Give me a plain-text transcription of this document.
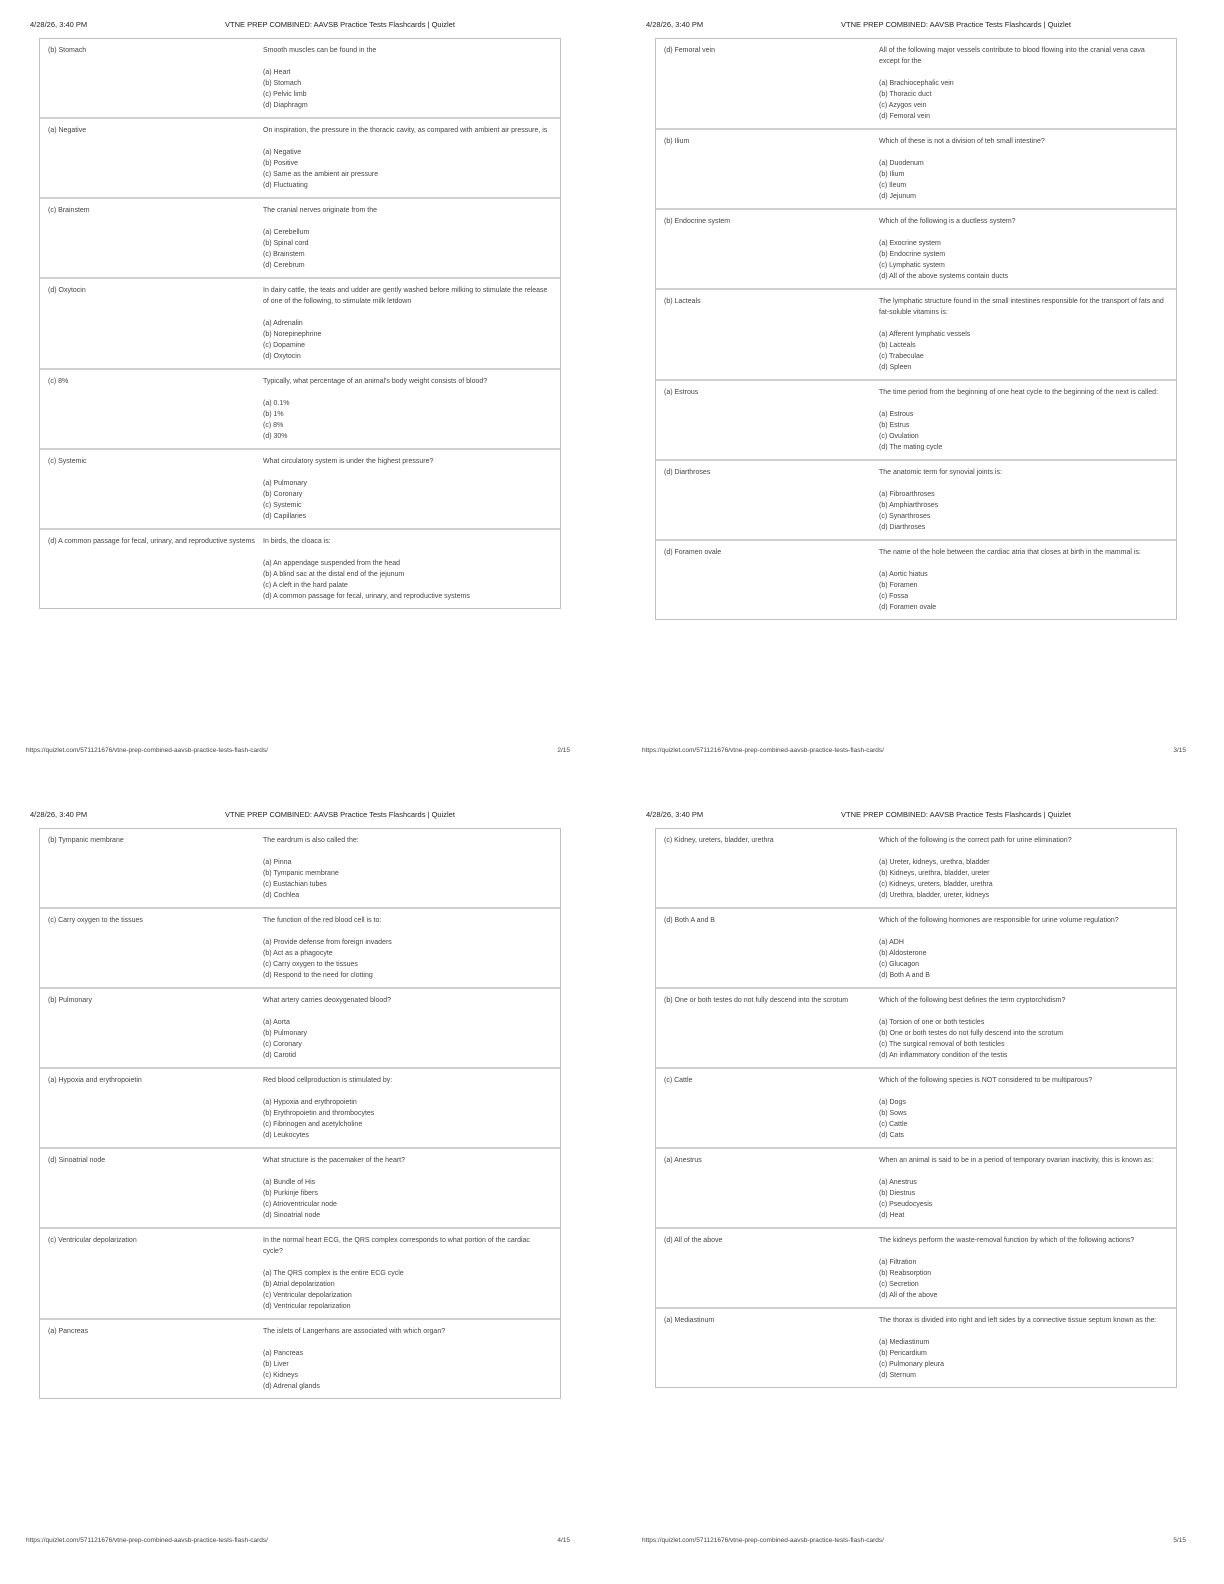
4/28/26, 3:40 PM	VTNE PREP COMBINED: AAVSB Practice Tests Flashcards | Quizlet
(b) Stomach	Smooth muscles can be found in the
(a) Heart
(b) Stomach
(c) Pelvic limb
(d) Diaphragm
(a) Negative	On inspiration, the pressure in the thoracic cavity, as compared with ambient air pressure, is
(a) Negative
(b) Positive
(c) Same as the ambient air pressure
(d) Fluctuating
(c) Brainstem	The cranial nerves originate from the
(a) Cerebellum
(b) Spinal cord
(c) Brainstem
(d) Cerebrum
(d) Oxytocin	In dairy cattle, the teats and udder are gently washed before milking to stimulate the release of one of the following, to stimulate milk letdown
(a) Adrenalin
(b) Norepinephrine
(c) Dopamine
(d) Oxytocin
(c) 8%	Typically, what percentage of an animal's body weight consists of blood?
(a) 0.1%
(b) 1%
(c) 8%
(d) 30%
(c) Systemic	What circulatory system is under the highest pressure?
(a) Pulmonary
(b) Coronary
(c) Systemic
(d) Capillaries
(d) A common passage for fecal, urinary, and reproductive systems	In birds, the cloaca is:
(a) An appendage suspended from the head
(b) A blind sac at the distal end of the jejunum
(c) A cleft in the hard palate
(d) A common passage for fecal, urinary, and reproductive systems
https://quizlet.com/571121676/vtne-prep-combined-aavsb-practice-tests-flash-cards/	2/15
4/28/26, 3:40 PM	VTNE PREP COMBINED: AAVSB Practice Tests Flashcards | Quizlet
(d) Femoral vein	All of the following major vessels contribute to blood flowing into the cranial vena cava except for the
(a) Brachiocephalic vein
(b) Thoracic duct
(c) Azygos vein
(d) Femoral vein
(b) Ilium	Which of these is not a division of teh small intestine?
(a) Duodenum
(b) Ilium
(c) Ileum
(d) Jejunum
(b) Endocrine system	Which of the following is a ductless system?
(a) Exocrine system
(b) Endocrine system
(c) Lymphatic system
(d) All of the above systems contain ducts
(b) Lacteals	The lymphatic structure found in the small intestines responsible for the transport of fats and fat-soluble vitamins is:
(a) Afferent lymphatic vessels
(b) Lacteals
(c) Trabeculae
(d) Spleen
(a) Estrous	The time period from the beginning of one heat cycle to the beginning of the next is called:
(a) Estrous
(b) Estrus
(c) Ovulation
(d) The mating cycle
(d) Diarthroses	The anatomic term for synovial joints is:
(a) Fibroarthroses
(b) Amphiarthroses
(c) Synarthroses
(d) Diarthroses
(d) Foramen ovale	The name of the hole between the cardiac atria that closes at birth in the mammal is:
(a) Aortic hiatus
(b) Foramen
(c) Fossa
(d) Foramen ovale
https://quizlet.com/571121676/vtne-prep-combined-aavsb-practice-tests-flash-cards/	3/15
4/28/26, 3:40 PM	VTNE PREP COMBINED: AAVSB Practice Tests Flashcards | Quizlet
(b) Tympanic membrane	The eardrum is also called the:
(a) Pinna
(b) Tympanic membrane
(c) Eustachian tubes
(d) Cochlea
(c) Carry oxygen to the tissues	The function of the red blood cell is to:
(a) Provide defense from foreign invaders
(b) Act as a phagocyte
(c) Carry oxygen to the tissues
(d) Respond to the need for clotting
(b) Pulmonary	What artery carries deoxygenated blood?
(a) Aorta
(b) Pulmonary
(c) Coronary
(d) Carotid
(a) Hypoxia and erythropoietin	Red blood cellproduction is stimulated by:
(a) Hypoxia and erythropoietin
(b) Erythropoietin and thrombocytes
(c) Fibrinogen and acetylcholine
(d) Leukocytes
(d) Sinoatrial node	What structure is the pacemaker of the heart?
(a) Bundle of His
(b) Purkinje fibers
(c) Atrioventricular node
(d) Sinoatrial node
(c) Ventricular depolarization	In the normal heart ECG, the QRS complex corresponds to what portion of the cardiac cycle?
(a) The QRS complex is the entire ECG cycle
(b) Atrial depolarization
(c) Ventricular depolarization
(d) Ventricular repolarization
(a) Pancreas	The islets of Langerhans are associated with which organ?
(a) Pancreas
(b) Liver
(c) Kidneys
(d) Adrenal glands
https://quizlet.com/571121676/vtne-prep-combined-aavsb-practice-tests-flash-cards/	4/15
4/28/26, 3:40 PM	VTNE PREP COMBINED: AAVSB Practice Tests Flashcards | Quizlet
(c) Kidney, ureters, bladder, urethra	Which of the following is the correct path for urine elimination?
(a) Ureter, kidneys, urethra, bladder
(b) Kidneys, urethra, bladder, ureter
(c) Kidneys, ureters, bladder, urethra
(d) Urethra, bladder, ureter, kidneys
(d) Both A and B	Which of the following hormones are responsible for urine volume regulation?
(a) ADH
(b) Aldosterone
(c) Glucagon
(d) Both A and B
(b) One or both testes do not fully descend into the scrotum	Which of the following best defines the term cryptorchidism?
(a) Torsion of one or both testicles
(b) One or both testes do not fully descend into the scrotum
(c) The surgical removal of both testicles
(d) An inflammatory condition of the testis
(c) Cattle	Which of the following species is NOT considered to be multiparous?
(a) Dogs
(b) Sows
(c) Cattle
(d) Cats
(a) Anestrus	When an animal is said to be in a period of temporary ovarian inactivity, this is known as:
(a) Anestrus
(b) Diestrus
(c) Pseudocyesis
(d) Heat
(d) All of the above	The kidneys perform the waste-removal function by which of the following actions?
(a) Filtration
(b) Reabsorption
(c) Secretion
(d) All of the above
(a) Mediastinum	The thorax is divided into right and left sides by a connective tissue septum known as the:
(a) Mediastinum
(b) Pericardium
(c) Pulmonary pleura
(d) Sternum
https://quizlet.com/571121676/vtne-prep-combined-aavsb-practice-tests-flash-cards/	5/15
